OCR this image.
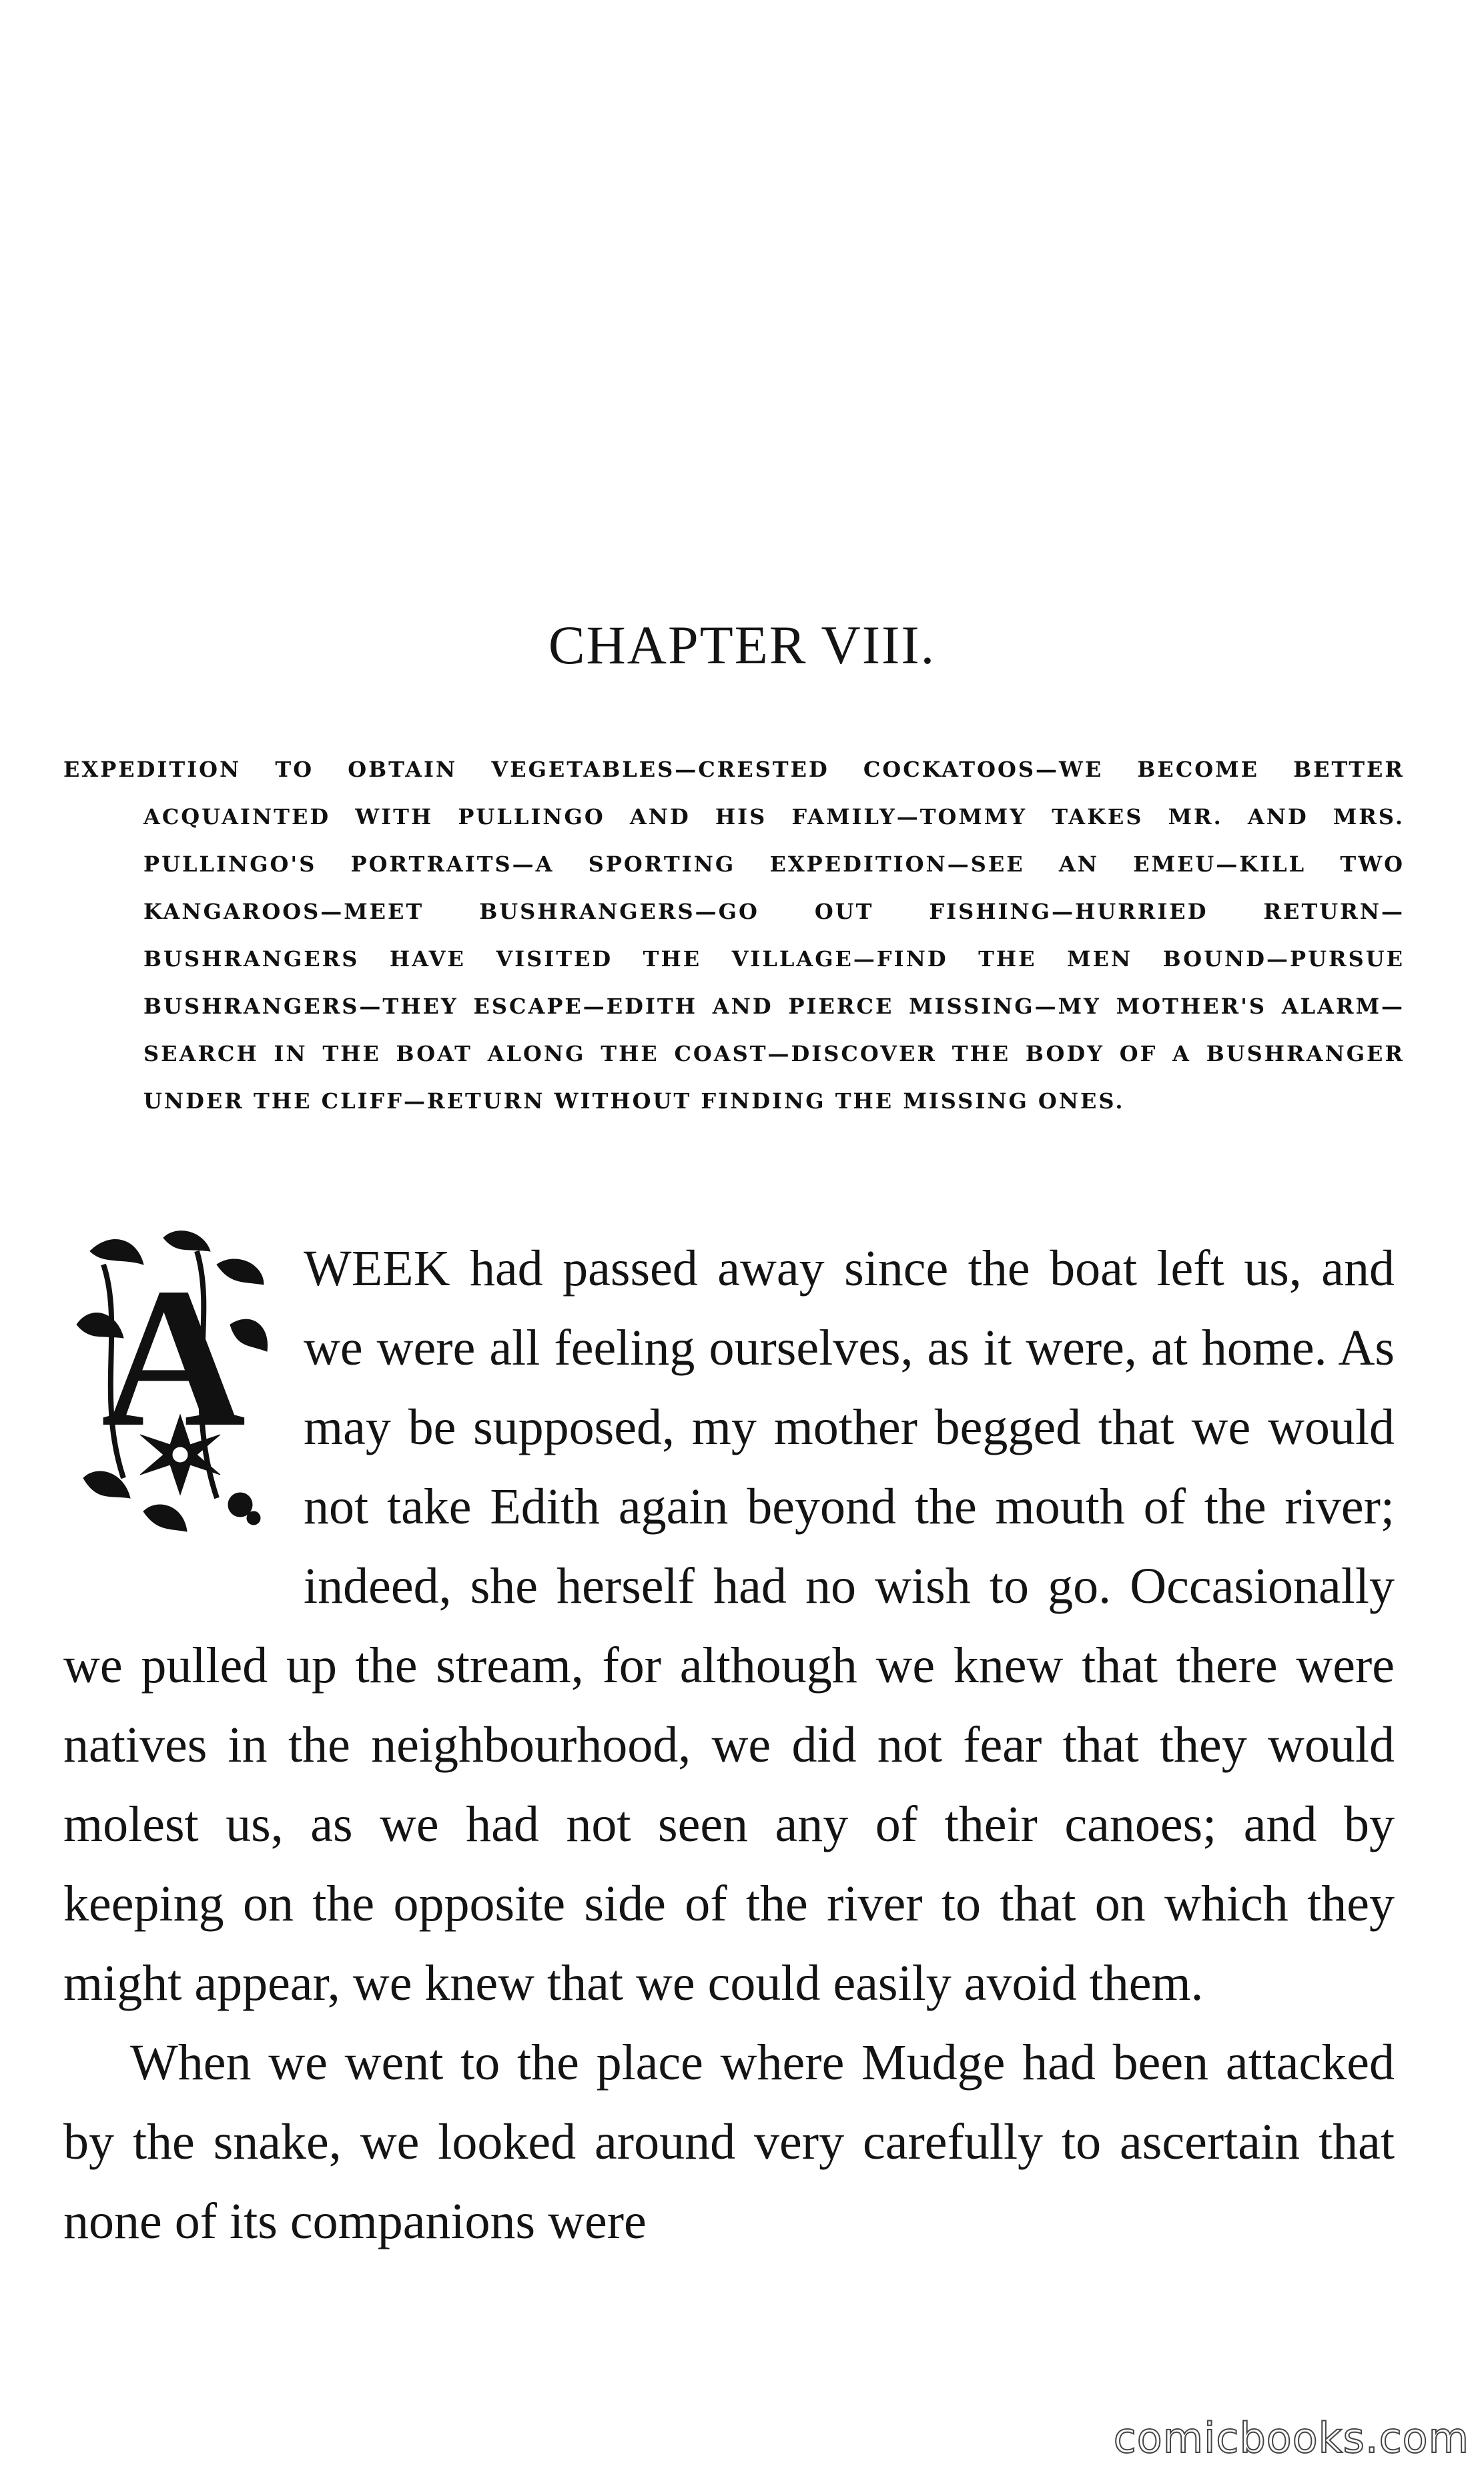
CHAPTER VIII.
EXPEDITION TO OBTAIN VEGETABLES—CRESTED COCKATOOS—WE BECOME BETTER ACQUAINTED WITH PULLINGO AND HIS FAMILY—TOMMY TAKES MR. AND MRS. PULLINGO'S PORTRAITS—A SPORTING EXPEDITION—SEE AN EMEU—KILL TWO KANGAROOS—MEET BUSHRANGERS—GO OUT FISHING—HURRIED RETURN—BUSHRANGERS HAVE VISITED THE VILLAGE—FIND THE MEN BOUND—PURSUE BUSHRANGERS—THEY ESCAPE—EDITH AND PIERCE MISSING—MY MOTHER'S ALARM—SEARCH IN THE BOAT ALONG THE COAST—DISCOVER THE BODY OF A BUSHRANGER UNDER THE CLIFF—RETURN WITHOUT FINDING THE MISSING ONES.
A	WEEK had passed away since the boat left us, and we were all feeling ourselves, as it were, at home. As may be supposed, my mother begged that we would not take Edith again beyond the mouth of the river; indeed, she herself had no wish to go. Occasionally we pulled up the stream, for although we knew that there were natives in the neighbourhood, we did not fear that they would molest us, as we had not seen any of their canoes; and by keeping on the opposite side of the river to that on which they might appear, we knew that we could easily avoid them.

When we went to the place where Mudge had been attacked by the snake, we looked around very carefully to ascertain that none of its companions were

comicbooks.com
